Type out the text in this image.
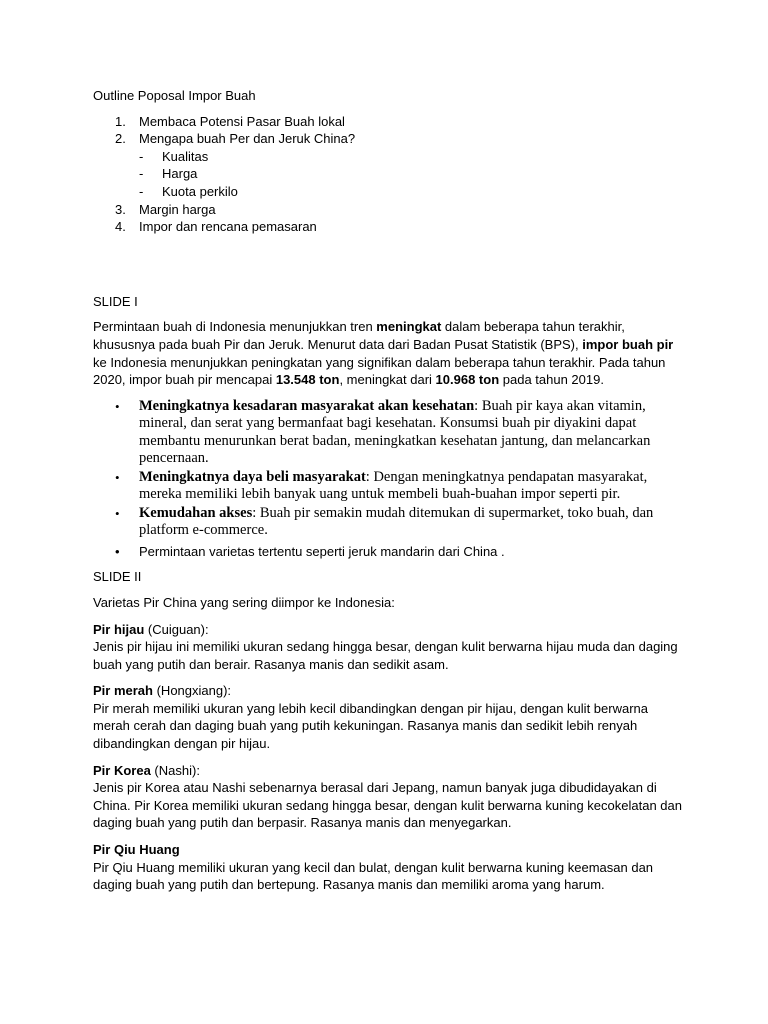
Outline Poposal Impor Buah
1. Membaca Potensi Pasar Buah lokal
2. Mengapa buah Per dan Jeruk China?
- Kualitas
- Harga
- Kuota perkilo
3. Margin harga
4. Impor dan rencana pemasaran
SLIDE I

Permintaan buah di Indonesia menunjukkan tren meningkat dalam beberapa tahun terakhir, khususnya pada buah Pir dan Jeruk. Menurut data dari Badan Pusat Statistik (BPS), impor buah pir ke Indonesia menunjukkan peningkatan yang signifikan dalam beberapa tahun terakhir. Pada tahun 2020, impor buah pir mencapai 13.548 ton, meningkat dari 10.968 ton pada tahun 2019.

• Meningkatnya kesadaran masyarakat akan kesehatan: Buah pir kaya akan vitamin, mineral, dan serat yang bermanfaat bagi kesehatan. Konsumsi buah pir diyakini dapat membantu menurunkan berat badan, meningkatkan kesehatan jantung, dan melancarkan pencernaan.
• Meningkatnya daya beli masyarakat: Dengan meningkatnya pendapatan masyarakat, mereka memiliki lebih banyak uang untuk membeli buah-buahan impor seperti pir.
• Kemudahan akses: Buah pir semakin mudah ditemukan di supermarket, toko buah, dan platform e-commerce.
• Permintaan varietas tertentu seperti jeruk mandarin dari China .
SLIDE II

Varietas Pir China yang sering diimpor ke Indonesia:

Pir hijau (Cuiguan):
Jenis pir hijau ini memiliki ukuran sedang hingga besar, dengan kulit berwarna hijau muda dan daging buah yang putih dan berair. Rasanya manis dan sedikit asam.
Pir merah (Hongxiang):
Pir merah memiliki ukuran yang lebih kecil dibandingkan dengan pir hijau, dengan kulit berwarna merah cerah dan daging buah yang putih kekuningan. Rasanya manis dan sedikit lebih renyah dibandingkan dengan pir hijau.
Pir Korea (Nashi):
Jenis pir Korea atau Nashi sebenarnya berasal dari Jepang, namun banyak juga dibudidayakan di China. Pir Korea memiliki ukuran sedang hingga besar, dengan kulit berwarna kuning kecokelatan dan daging buah yang putih dan berpasir. Rasanya manis dan menyegarkan.
Pir Qiu Huang
Pir Qiu Huang memiliki ukuran yang kecil dan bulat, dengan kulit berwarna kuning keemasan dan daging buah yang putih dan bertepung. Rasanya manis dan memiliki aroma yang harum.
